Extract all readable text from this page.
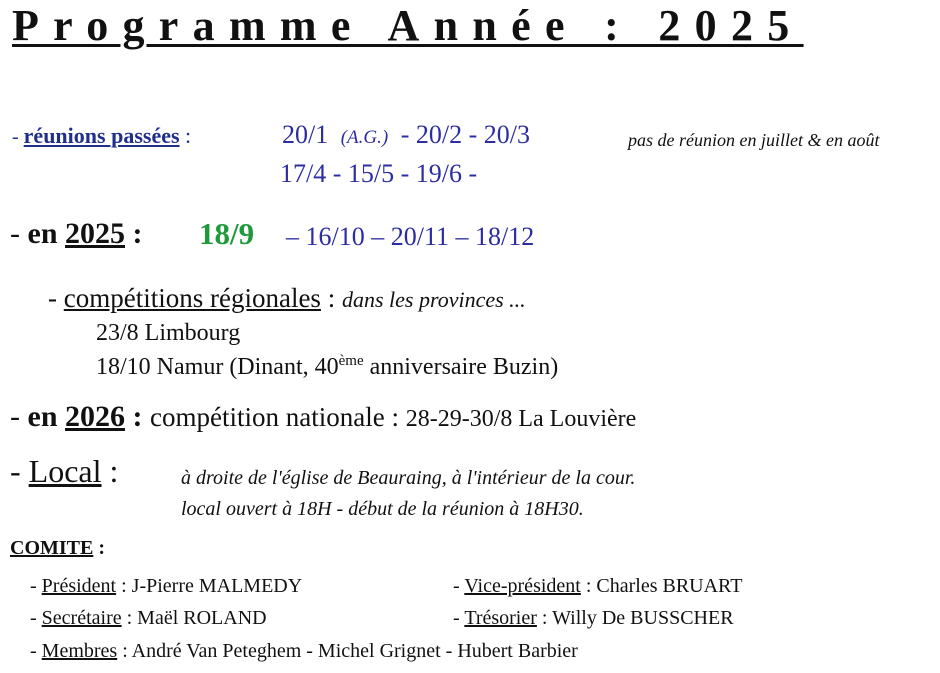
Programme Année : 2025
- réunions passées :	20/1 (A.G.) - 20/2 - 20/3	pas de réunion en juillet & en août
17/4 - 15/5 - 19/6 -
- en 2025 : 18/9 – 16/10 – 20/11 – 18/12
- compétitions régionales : dans les provinces ...
23/8 Limbourg
18/10 Namur (Dinant, 40ème anniversaire Buzin)
- en 2026 : compétition nationale : 28-29-30/8 La Louvière
- Local :	à droite de l'église de Beauraing, à l'intérieur de la cour.
local ouvert à 18H - début de la réunion à 18H30.
COMITE :
- Président : J-Pierre MALMEDY	- Vice-président : Charles BRUART
- Secrétaire : Maël ROLAND	- Trésorier : Willy De BUSSCHER
- Membres : André Van Peteghem - Michel Grignet - Hubert Barbier
